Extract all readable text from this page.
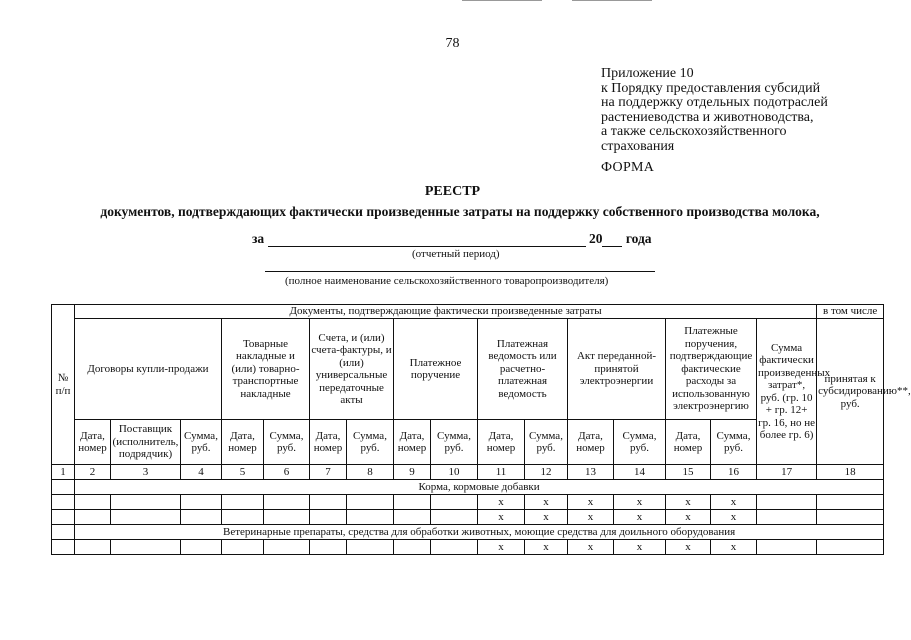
78
Приложение 10
к Порядку предоставления субсидий
на поддержку отдельных подотраслей
растениеводства и животноводства,
а также сельскохозяйственного
страхования
ФОРМА
РЕЕСТР
документов, подтверждающих фактически произведенные затраты на поддержку собственного производства молока,
за	20 года
(отчетный период)
(полное наименование сельскохозяйственного товаропроизводителя)
№ п/п	Документы, подтверждающие фактически произведенные затраты																в том числе
	Договоры купли-продажи			Товарные накладные и (или) товарно-транспортные накладные		Счета, и (или) счета-фактуры, и (или) универсальные передаточные акты		Платежное поручение		Платежная ведомость или расчетно-платежная ведомость		Акт переданной-принятой электроэнергии		Платежные поручения, подтверждающие фактические расходы за использованную электроэнергию		Сумма фактически произведенных затрат*, руб. (гр. 10 + гр. 12+ гр. 16, но не более гр. 6)	принятая к субсидированию**, руб.
	Дата, номер	Поставщик (исполнитель, подрядчик)	Сумма, руб.	Дата, номер	Сумма, руб.	Дата, номер	Сумма, руб.	Дата, номер	Сумма, руб.	Дата, номер	Сумма, руб.	Дата, номер	Сумма, руб.	Дата, номер	Сумма, руб.		
1	2	3	4	5	6	7	8	9	10	11	12	13	14	15	16	17	18
	Корма, кормовые добавки																
										х	х	х	х	х	х		
										х	х	х	х	х	х		
	Ветеринарные препараты, средства для обработки животных, моющие средства для доильного оборудования																
										х	х	х	х	х	х		
